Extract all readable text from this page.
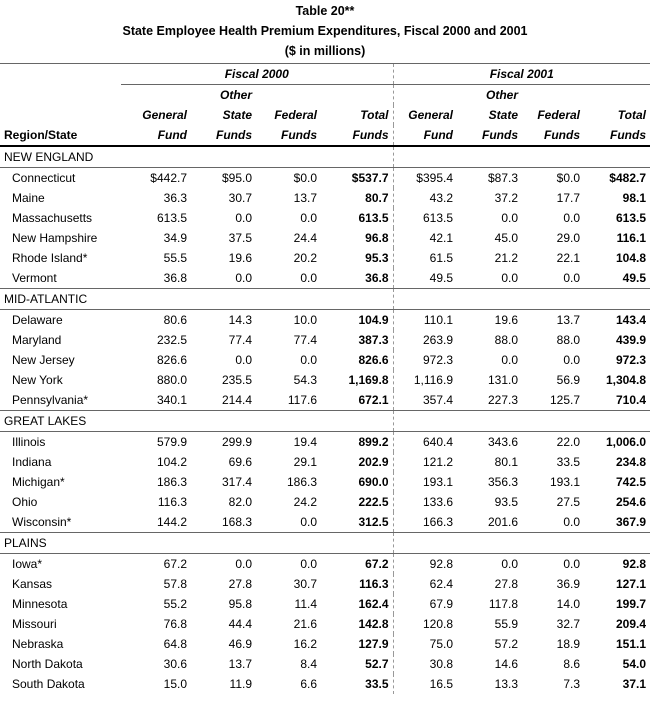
Table 20**
State Employee Health Premium Expenditures, Fiscal 2000 and 2001
($ in millions)
	Fiscal 2000				Fiscal 2001			
		Other				Other		
	General	State	Federal	Total	General	State	Federal	Total
Region/State	Fund	Funds	Funds	Funds	Fund	Funds	Funds	Funds
NEW ENGLAND								
Connecticut	$442.7	$95.0	$0.0	$537.7	$395.4	$87.3	$0.0	$482.7
Maine	36.3	30.7	13.7	80.7	43.2	37.2	17.7	98.1
Massachusetts	613.5	0.0	0.0	613.5	613.5	0.0	0.0	613.5
New Hampshire	34.9	37.5	24.4	96.8	42.1	45.0	29.0	116.1
Rhode Island*	55.5	19.6	20.2	95.3	61.5	21.2	22.1	104.8
Vermont	36.8	0.0	0.0	36.8	49.5	0.0	0.0	49.5
MID-ATLANTIC								
Delaware	80.6	14.3	10.0	104.9	110.1	19.6	13.7	143.4
Maryland	232.5	77.4	77.4	387.3	263.9	88.0	88.0	439.9
New Jersey	826.6	0.0	0.0	826.6	972.3	0.0	0.0	972.3
New York	880.0	235.5	54.3	1,169.8	1,116.9	131.0	56.9	1,304.8
Pennsylvania*	340.1	214.4	117.6	672.1	357.4	227.3	125.7	710.4
GREAT LAKES								
Illinois	579.9	299.9	19.4	899.2	640.4	343.6	22.0	1,006.0
Indiana	104.2	69.6	29.1	202.9	121.2	80.1	33.5	234.8
Michigan*	186.3	317.4	186.3	690.0	193.1	356.3	193.1	742.5
Ohio	116.3	82.0	24.2	222.5	133.6	93.5	27.5	254.6
Wisconsin*	144.2	168.3	0.0	312.5	166.3	201.6	0.0	367.9
PLAINS								
Iowa*	67.2	0.0	0.0	67.2	92.8	0.0	0.0	92.8
Kansas	57.8	27.8	30.7	116.3	62.4	27.8	36.9	127.1
Minnesota	55.2	95.8	11.4	162.4	67.9	117.8	14.0	199.7
Missouri	76.8	44.4	21.6	142.8	120.8	55.9	32.7	209.4
Nebraska	64.8	46.9	16.2	127.9	75.0	57.2	18.9	151.1
North Dakota	30.6	13.7	8.4	52.7	30.8	14.6	8.6	54.0
South Dakota	15.0	11.9	6.6	33.5	16.5	13.3	7.3	37.1
